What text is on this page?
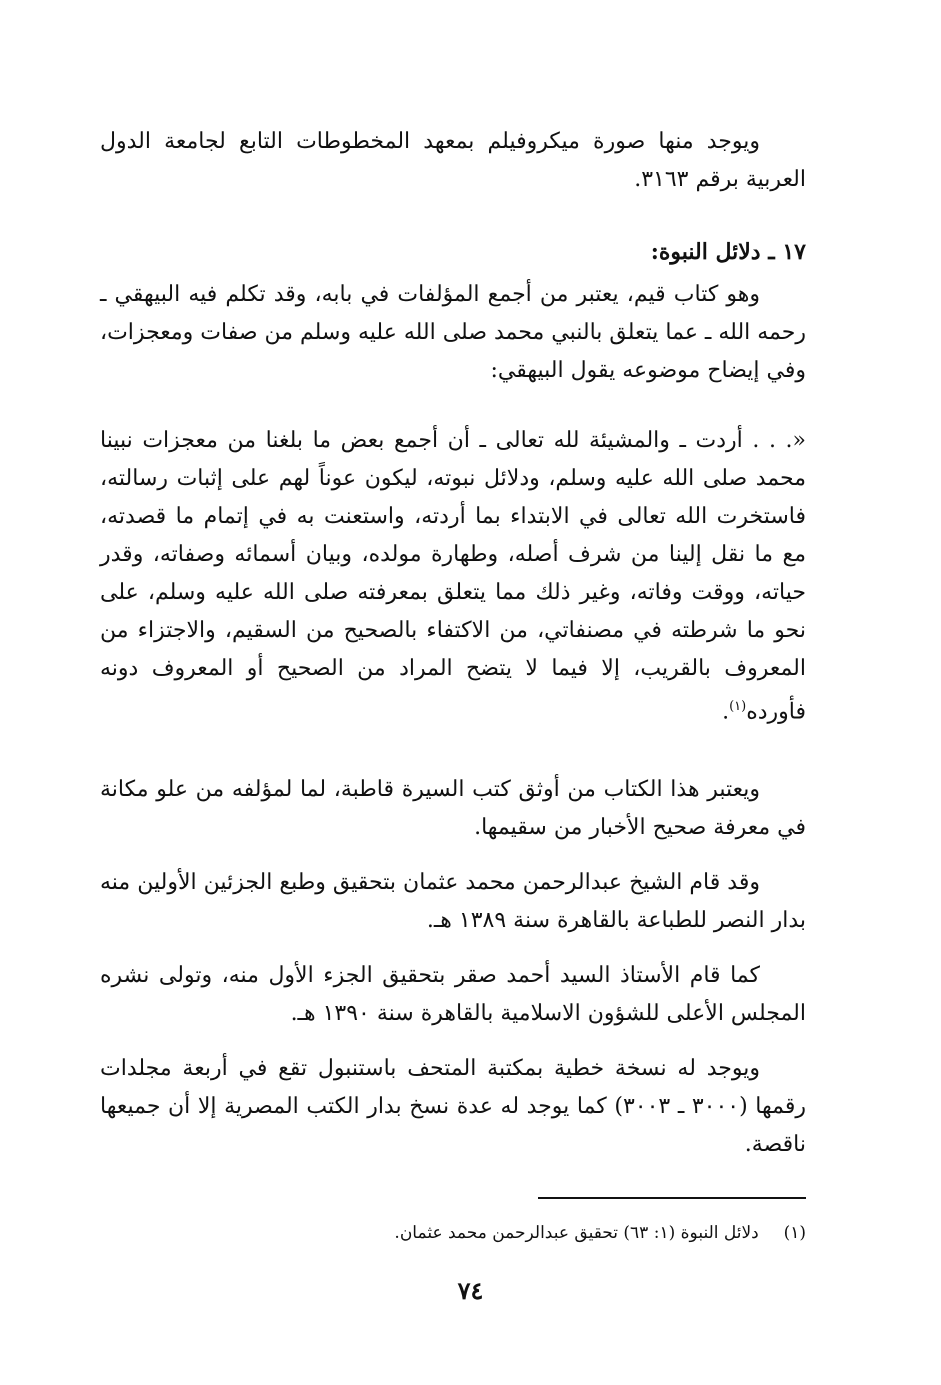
ويوجد منها صورة ميكروفيلم بمعهد المخطوطات التابع لجامعة الدول العربية برقم ٣١٦٣.

١٧ ـ دلائل النبوة:

وهو كتاب قيم، يعتبر من أجمع المؤلفات في بابه، وقد تكلم فيه البيهقي ـ رحمه الله ـ عما يتعلق بالنبي محمد صلى الله عليه وسلم من صفات ومعجزات، وفي إيضاح موضوعه يقول البيهقي:

«. . . أردت ـ والمشيئة لله تعالى ـ أن أجمع بعض ما بلغنا من معجزات نبينا محمد صلى الله عليه وسلم، ودلائل نبوته، ليكون عوناً لهم على إثبات رسالته، فاستخرت الله تعالى في الابتداء بما أردته، واستعنت به في إتمام ما قصدته، مع ما نقل إلينا من شرف أصله، وطهارة مولده، وبيان أسمائه وصفاته، وقدر حياته، ووقت وفاته، وغير ذلك مما يتعلق بمعرفته صلى الله عليه وسلم، على نحو ما شرطته في مصنفاتي، من الاكتفاء بالصحيح من السقيم، والاجتزاء من المعروف بالقريب، إلا فيما لا يتضح المراد من الصحيح أو المعروف دونه فأورده$^{(١)}$.

ويعتبر هذا الكتاب من أوثق كتب السيرة قاطبة، لما لمؤلفه من علو مكانة في معرفة صحيح الأخبار من سقيمها.

وقد قام الشيخ عبدالرحمن محمد عثمان بتحقيق وطبع الجزئين الأولين منه بدار النصر للطباعة بالقاهرة سنة ١٣٨٩ هـ.

كما قام الأستاذ السيد أحمد صقر بتحقيق الجزء الأول منه، وتولى نشره المجلس الأعلى للشؤون الاسلامية بالقاهرة سنة ١٣٩٠ هـ.

ويوجد له نسخة خطية بمكتبة المتحف باستنبول تقع في أربعة مجلدات رقمها (٣٠٠٠ ـ ٣٠٠٣) كما يوجد له عدة نسخ بدار الكتب المصرية إلا أن جميعها ناقصة.

(١)  دلائل النبوة (١: ٦٣) تحقيق عبدالرحمن محمد عثمان.
٧٤
